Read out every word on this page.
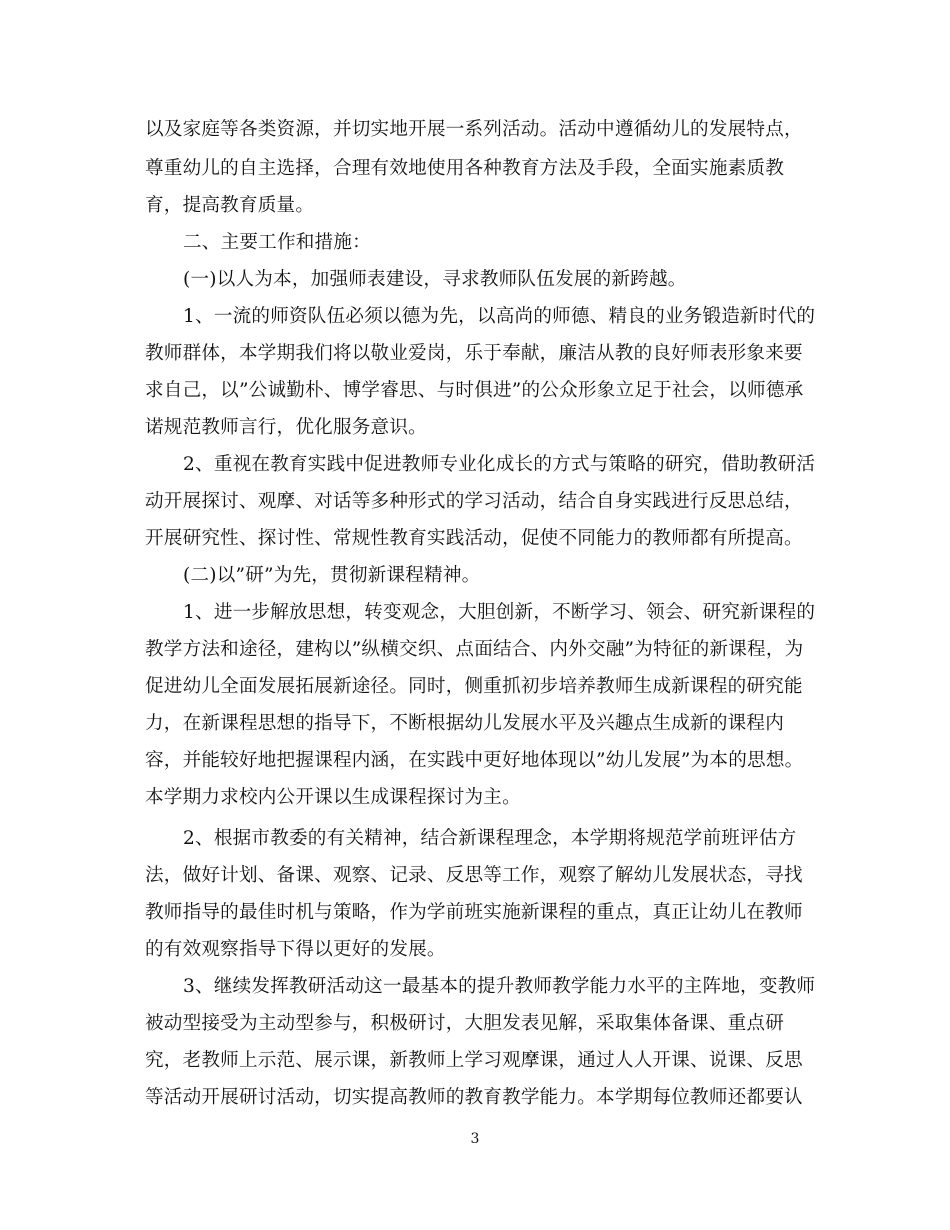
以及家庭等各类资源，并切实地开展一系列活动。活动中遵循幼儿的发展特点，
尊重幼儿的自主选择，合理有效地使用各种教育方法及手段，全面实施素质教
育，提高教育质量。
二、主要工作和措施：
(一)以人为本，加强师表建设，寻求教师队伍发展的新跨越。
1、一流的师资队伍必须以德为先，以高尚的师德、精良的业务锻造新时代的
教师群体，本学期我们将以敬业爱岗，乐于奉献，廉洁从教的良好师表形象来要
求自己，以”公诚勤朴、博学睿思、与时俱进”的公众形象立足于社会，以师德承
诺规范教师言行，优化服务意识。
2、重视在教育实践中促进教师专业化成长的方式与策略的研究，借助教研活
动开展探讨、观摩、对话等多种形式的学习活动，结合自身实践进行反思总结，
开展研究性、探讨性、常规性教育实践活动，促使不同能力的教师都有所提高。
(二)以”研”为先，贯彻新课程精神。
1、进一步解放思想，转变观念，大胆创新，不断学习、领会、研究新课程的
教学方法和途径，建构以”纵横交织、点面结合、内外交融”为特征的新课程，为
促进幼儿全面发展拓展新途径。同时，侧重抓初步培养教师生成新课程的研究能
力，在新课程思想的指导下，不断根据幼儿发展水平及兴趣点生成新的课程内
容，并能较好地把握课程内涵，在实践中更好地体现以”幼儿发展”为本的思想。
本学期力求校内公开课以生成课程探讨为主。
2、根据市教委的有关精神，结合新课程理念，本学期将规范学前班评估方
法，做好计划、备课、观察、记录、反思等工作，观察了解幼儿发展状态，寻找
教师指导的最佳时机与策略，作为学前班实施新课程的重点，真正让幼儿在教师
的有效观察指导下得以更好的发展。
3、继续发挥教研活动这一最基本的提升教师教学能力水平的主阵地，变教师
被动型接受为主动型参与，积极研讨，大胆发表见解，采取集体备课、重点研
究，老教师上示范、展示课，新教师上学习观摩课，通过人人开课、说课、反思
等活动开展研讨活动，切实提高教师的教育教学能力。本学期每位教师还都要认
3
